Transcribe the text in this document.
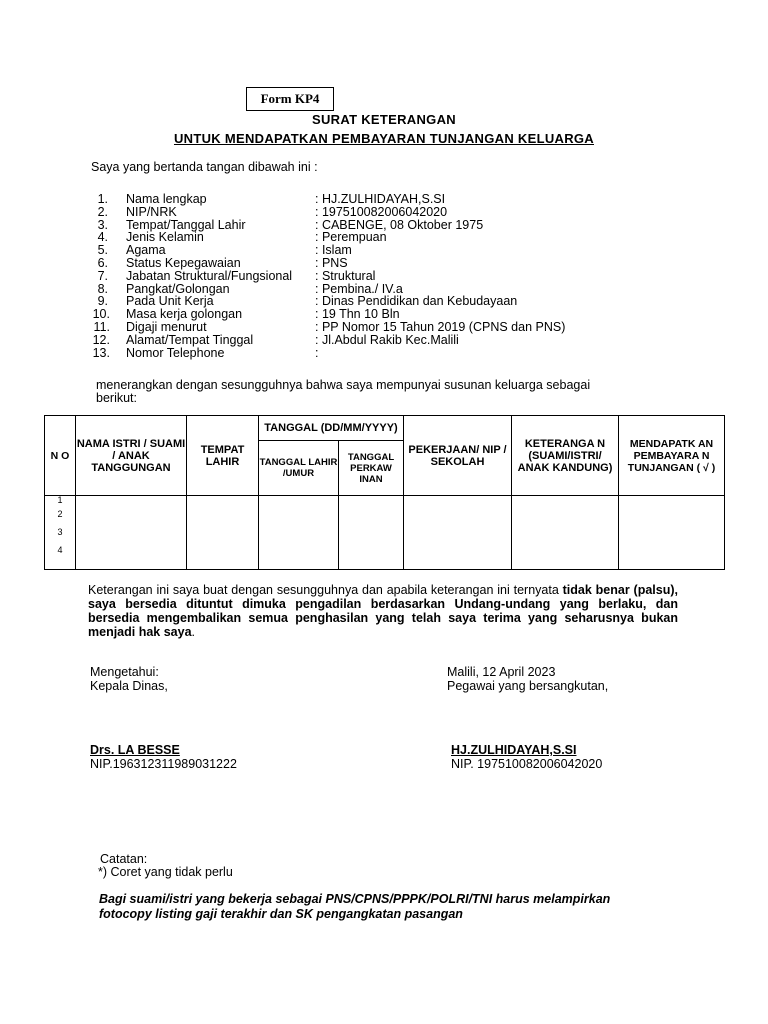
Form KP4
SURAT KETERANGAN
UNTUK MENDAPATKAN PEMBAYARAN TUNJANGAN KELUARGA
Saya yang bertanda tangan dibawah ini :
1. Nama lengkap	: HJ.ZULHIDAYAH,S.SI
2. NIP/NRK	: 197510082006042020
3. Tempat/Tanggal Lahir	: CABENGE, 08 Oktober 1975
4. Jenis Kelamin	: Perempuan
5. Agama	: Islam
6. Status Kepegawaian	: PNS
7. Jabatan Struktural/Fungsional : Struktural
8. Pangkat/Golongan	: Pembina./ IV.a
9. Pada Unit Kerja	: Dinas Pendidikan dan Kebudayaan
10. Masa kerja golongan	: 19 Thn 10 Bln
11. Digaji menurut	: PP Nomor 15 Tahun 2019 (CPNS dan PNS)
12. Alamat/Tempat Tinggal	: Jl.Abdul Rakib Kec.Malili
13. Nomor Telephone	:
menerangkan dengan sesungguhnya bahwa saya mempunyai susunan keluarga sebagai
berikut:
N O	NAMA ISTRI / SUAMI / ANAK TANGGUNGAN	TEMPAT LAHIR	TANGGAL (DD/MM/YYYY)		PEKERJAAN/ NIP / SEKOLAH	KETERANGA N (SUAMI/ISTRI/ ANAK KANDUNG)	MENDAPATK AN PEMBAYARA N TUNJANGAN ( √ )
			TANGGAL LAHIR /UMUR	TANGGAL PERKAW INAN			

1
2
3
4							

Keterangan ini saya buat dengan sesungguhnya dan apabila keterangan ini ternyata tidak benar (palsu), saya bersedia dituntut dimuka pengadilan berdasarkan Undang-undang yang berlaku, dan bersedia mengembalikan semua penghasilan yang telah saya terima yang seharusnya bukan menjadi hak saya.
Mengetahui:
Kepala Dinas,
Drs. LA BESSE
NIP.196312311989031222
Malili, 12 April 2023
Pegawai yang bersangkutan,
HJ.ZULHIDAYAH,S.SI
NIP. 197510082006042020
Catatan:
*) Coret yang tidak perlu
Bagi suami/istri yang bekerja sebagai PNS/CPNS/PPPK/POLRI/TNI harus melampirkan
fotocopy listing gaji terakhir dan SK pengangkatan pasangan
